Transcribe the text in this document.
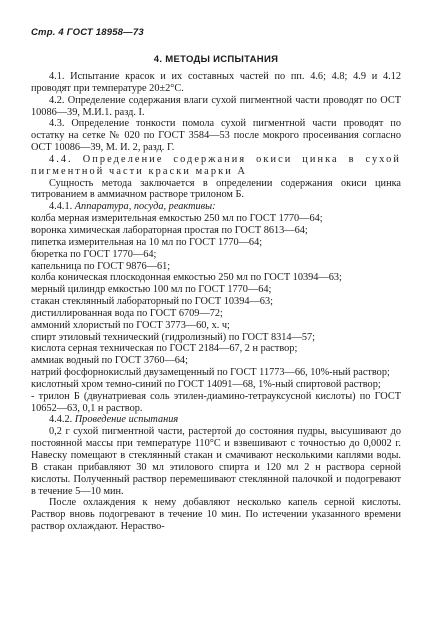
Стр. 4 ГОСТ 18958—73
4. МЕТОДЫ ИСПЫТАНИЯ

4.1. Испытание красок и их составных частей по пп. 4.6; 4.8; 4.9 и 4.12 проводят при температуре 20±2°С.

4.2. Определение содержания влаги сухой пигментной части проводят по ОСТ 10086—39, М.И.1. разд. I.

4.3. Определение тонкости помола сухой пигментной части проводят по остатку на сетке № 020 по ГОСТ 3584—53 после мокрого просеивания согласно ОСТ 10086—39, М. И. 2, разд. Г.

4.4. Определение содержания окиси цинка в сухой пигментной части краски марки А

Сущность метода заключается в определении содержания окиси цинка титрованием в аммиачном растворе трилоном Б.

4.4.1. Аппаратура, посуда, реактивы:

колба мерная измерительная емкостью 250 мл по ГОСТ 1770—64;

воронка химическая лабораторная простая по ГОСТ 8613—64;

пипетка измерительная на 10 мл по ГОСТ 1770—64;

бюретка по ГОСТ 1770—64;

капельница по ГОСТ 9876—61;

колба коническая плоскодонная емкостью 250 мл по ГОСТ 10394—63;

мерный цилиндр емкостью 100 мл по ГОСТ 1770—64;

стакан стеклянный лабораторный по ГОСТ 10394—63;

дистиллированная вода по ГОСТ 6709—72;

аммоний хлористый по ГОСТ 3773—60, х. ч;

спирт этиловый технический (гидролизный) по ГОСТ 8314—57;

кислота серная техническая по ГОСТ 2184—67, 2 н раствор;

аммиак водный по ГОСТ 3760—64;

натрий фосфорнокислый двузамещенный по ГОСТ 11773—66, 10%-ный раствор;

кислотный хром темно-синий по ГОСТ 14091—68, 1%-ный спиртовой раствор;

- трилон Б (двунатриевая соль этилен-диамино-тетрауксусной кислоты) по ГОСТ 10652—63, 0,1 н раствор.

4.4.2. Проведение испытания

0,2 г сухой пигментной части, растертой до состояния пудры, высушивают до постоянной массы при температуре 110°С и взвешивают с точностью до 0,0002 г. Навеску помещают в стеклянный стакан и смачивают несколькими каплями воды. В стакан прибавляют 30 мл этилового спирта и 120 мл 2 н раствора серной кислоты. Полученный раствор перемешивают стеклянной палочкой и подогревают в течение 5—10 мин.

После охлаждения к нему добавляют несколько капель серной кислоты. Раствор вновь подогревают в течение 10 мин. По истечении указанного времени раствор охлаждают. Нераство-
